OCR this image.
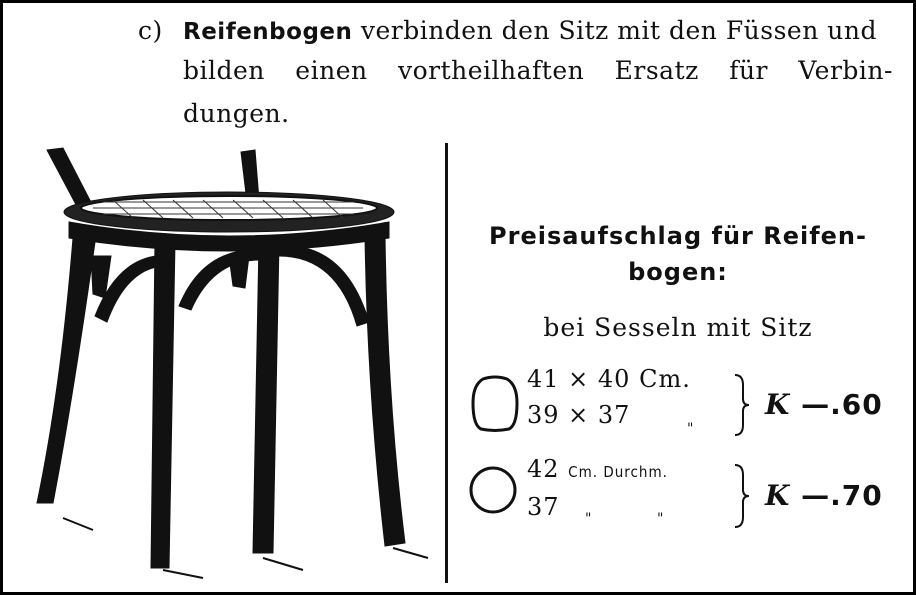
c) Reifenbogen verbinden den Sitz mit den Füssen und
bilden einen vortheilhaften Ersatz für Verbin-
dungen.
Preisaufschlag für Reifen-
bogen:
bei Sesseln mit Sitz
41 × 40 Cm.
39 × 37	"
K —.60
42 Cm. Durchm.
37 "	"
K —.70
